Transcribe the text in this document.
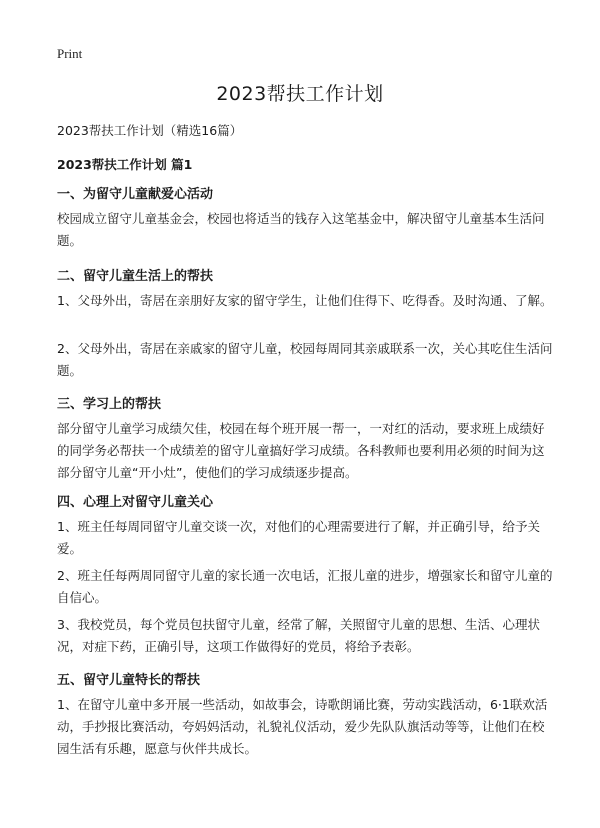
Print
2023帮扶工作计划

2023帮扶工作计划（精选16篇）

2023帮扶工作计划 篇1

一、为留守儿童献爱心活动

校园成立留守儿童基金会，校园也将适当的钱存入这笔基金中，解决留守儿童基本生活问题。

二、留守儿童生活上的帮扶

1、父母外出，寄居在亲朋好友家的留守学生，让他们住得下、吃得香。及时沟通、了解。

2、父母外出，寄居在亲戚家的留守儿童，校园每周同其亲戚联系一次，关心其吃住生活问题。

三、学习上的帮扶

部分留守儿童学习成绩欠佳，校园在每个班开展一帮一，一对红的活动，要求班上成绩好的同学务必帮扶一个成绩差的留守儿童搞好学习成绩。各科教师也要利用必须的时间为这部分留守儿童“开小灶”，使他们的学习成绩逐步提高。

四、心理上对留守儿童关心

1、班主任每周同留守儿童交谈一次，对他们的心理需要进行了解，并正确引导，给予关爱。

2、班主任每两周同留守儿童的家长通一次电话，汇报儿童的进步，增强家长和留守儿童的自信心。

3、我校党员，每个党员包扶留守儿童，经常了解，关照留守儿童的思想、生活、心理状况，对症下药，正确引导，这项工作做得好的党员，将给予表彰。

五、留守儿童特长的帮扶

1、在留守儿童中多开展一些活动，如故事会，诗歌朗诵比赛，劳动实践活动，6·1联欢活动，手抄报比赛活动，夸妈妈活动，礼貌礼仪活动，爱少先队队旗活动等等，让他们在校园生活有乐趣，愿意与伙伴共成长。
